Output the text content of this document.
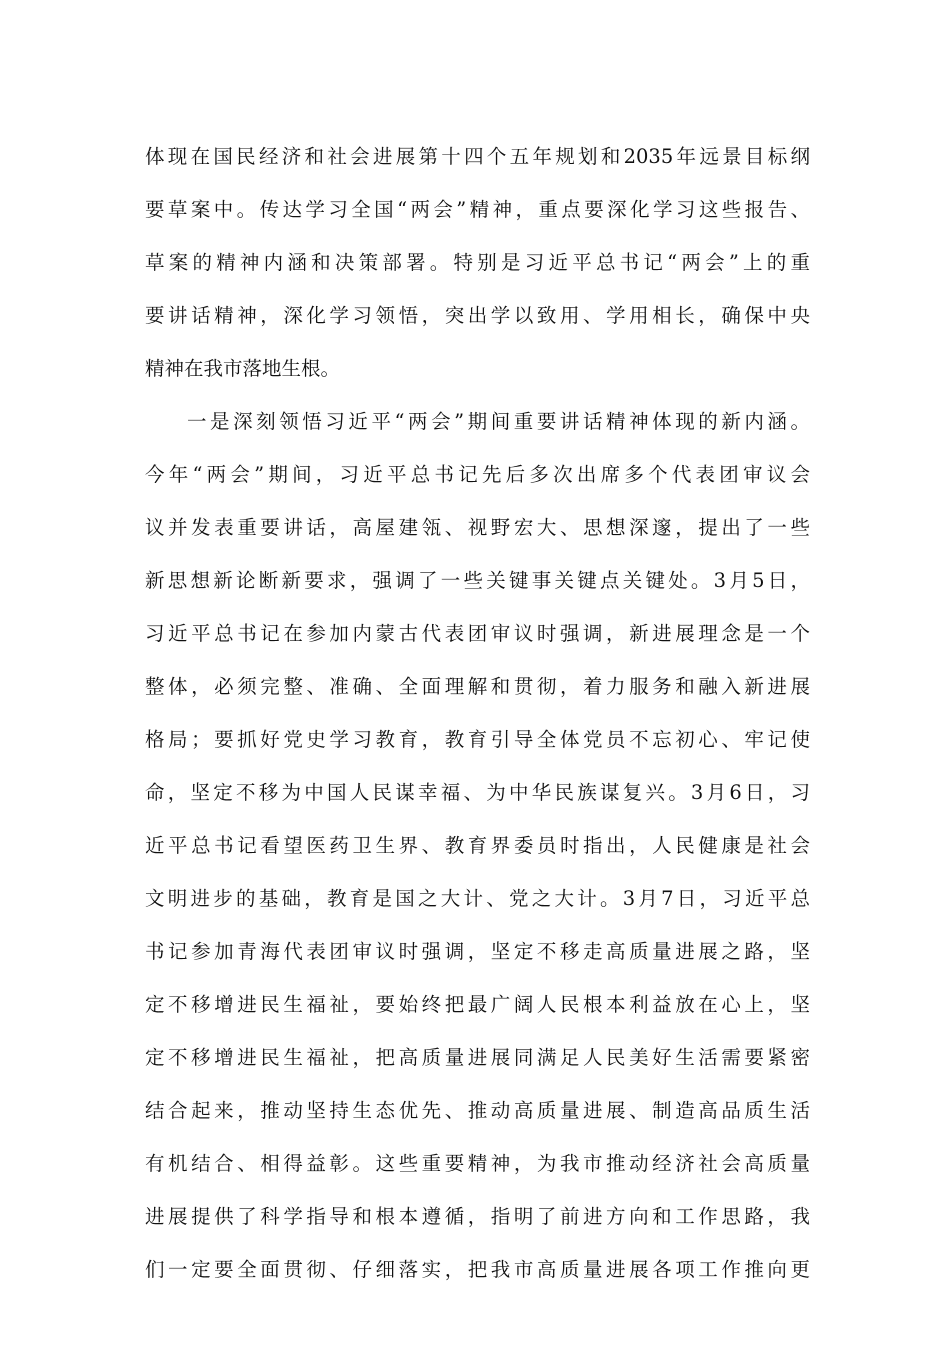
体现在国民经济和社会进展第十四个五年规划和2035年远景目标纲
要草案中。传达学习全国“两会”精神，重点要深化学习这些报告、
草案的精神内涵和决策部署。特别是习近平总书记“两会”上的重
要讲话精神，深化学习领悟，突出学以致用、学用相长，确保中央
精神在我市落地生根。
一是深刻领悟习近平“两会”期间重要讲话精神体现的新内涵。
今年“两会”期间，习近平总书记先后多次出席多个代表团审议会
议并发表重要讲话，高屋建瓴、视野宏大、思想深邃，提出了一些
新思想新论断新要求，强调了一些关键事关键点关键处。3月5日，
习近平总书记在参加内蒙古代表团审议时强调，新进展理念是一个
整体，必须完整、准确、全面理解和贯彻，着力服务和融入新进展
格局；要抓好党史学习教育，教育引导全体党员不忘初心、牢记使
命，坚定不移为中国人民谋幸福、为中华民族谋复兴。3月6日，习
近平总书记看望医药卫生界、教育界委员时指出，人民健康是社会
文明进步的基础，教育是国之大计、党之大计。3月7日，习近平总
书记参加青海代表团审议时强调，坚定不移走高质量进展之路，坚
定不移增进民生福祉，要始终把最广阔人民根本利益放在心上，坚
定不移增进民生福祉，把高质量进展同满足人民美好生活需要紧密
结合起来，推动坚持生态优先、推动高质量进展、制造高品质生活
有机结合、相得益彰。这些重要精神，为我市推动经济社会高质量
进展提供了科学指导和根本遵循，指明了前进方向和工作思路，我
们一定要全面贯彻、仔细落实，把我市高质量进展各项工作推向更
